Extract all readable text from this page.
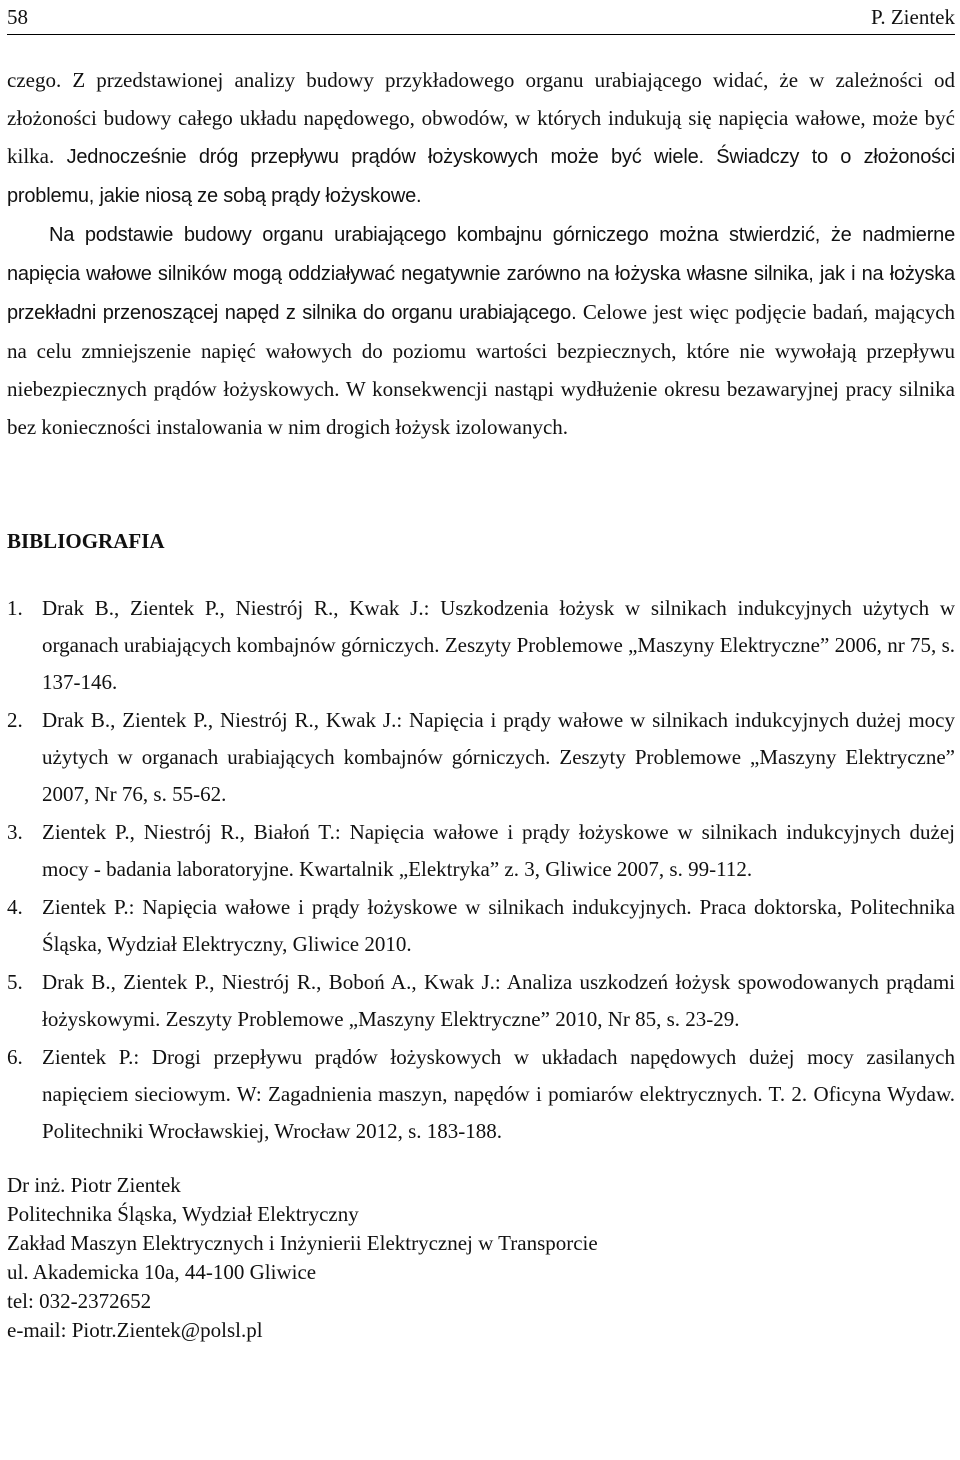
58	P. Zientek

czego. Z przedstawionej analizy budowy przykładowego organu urabiającego widać, że w zależności od złożoności budowy całego układu napędowego, obwodów, w których indukują się napięcia wałowe, może być kilka. Jednocześnie dróg przepływu prądów łożyskowych może być wiele. Świadczy to o złożoności problemu, jakie niosą ze sobą prądy łożyskowe.

Na podstawie budowy organu urabiającego kombajnu górniczego można stwierdzić, że nadmierne napięcia wałowe silników mogą oddziaływać negatywnie zarówno na łożyska własne silnika, jak i na łożyska przekładni przenoszącej napęd z silnika do organu urabiającego. Celowe jest więc podjęcie badań, mających na celu zmniejszenie napięć wałowych do poziomu wartości bezpiecznych, które nie wywołają przepływu niebezpiecznych prądów łożyskowych. W konsekwencji nastąpi wydłużenie okresu bezawaryjnej pracy silnika bez konieczności instalowania w nim drogich łożysk izolowanych.

BIBLIOGRAFIA
1. Drak B., Zientek P., Niestrój R., Kwak J.: Uszkodzenia łożysk w silnikach indukcyjnych użytych w organach urabiających kombajnów górniczych. Zeszyty Problemowe „Maszyny Elektryczne” 2006, nr 75, s. 137-146.
2. Drak B., Zientek P., Niestrój R., Kwak J.: Napięcia i prądy wałowe w silnikach indukcyjnych dużej mocy użytych w organach urabiających kombajnów górniczych. Zeszyty Problemowe „Maszyny Elektryczne” 2007, Nr 76, s. 55-62.
3. Zientek P., Niestrój R., Białoń T.: Napięcia wałowe i prądy łożyskowe w silnikach indukcyjnych dużej mocy - badania laboratoryjne. Kwartalnik „Elektryka” z. 3, Gliwice 2007, s. 99-112.
4. Zientek P.: Napięcia wałowe i prądy łożyskowe w silnikach indukcyjnych. Praca doktorska, Politechnika Śląska, Wydział Elektryczny, Gliwice 2010.
5. Drak B., Zientek P., Niestrój R., Boboń A., Kwak J.: Analiza uszkodzeń łożysk spowodowanych prądami łożyskowymi. Zeszyty Problemowe „Maszyny Elektryczne” 2010, Nr 85, s. 23-29.
6. Zientek P.: Drogi przepływu prądów łożyskowych w układach napędowych dużej mocy zasilanych napięciem sieciowym. W: Zagadnienia maszyn, napędów i pomiarów elektrycznych. T. 2. Oficyna Wydaw. Politechniki Wrocławskiej, Wrocław 2012, s. 183-188.
Dr inż. Piotr Zientek
Politechnika Śląska, Wydział Elektryczny
Zakład Maszyn Elektrycznych i Inżynierii Elektrycznej w Transporcie
ul. Akademicka 10a, 44-100 Gliwice
tel: 032-2372652
e-mail: Piotr.Zientek@polsl.pl
